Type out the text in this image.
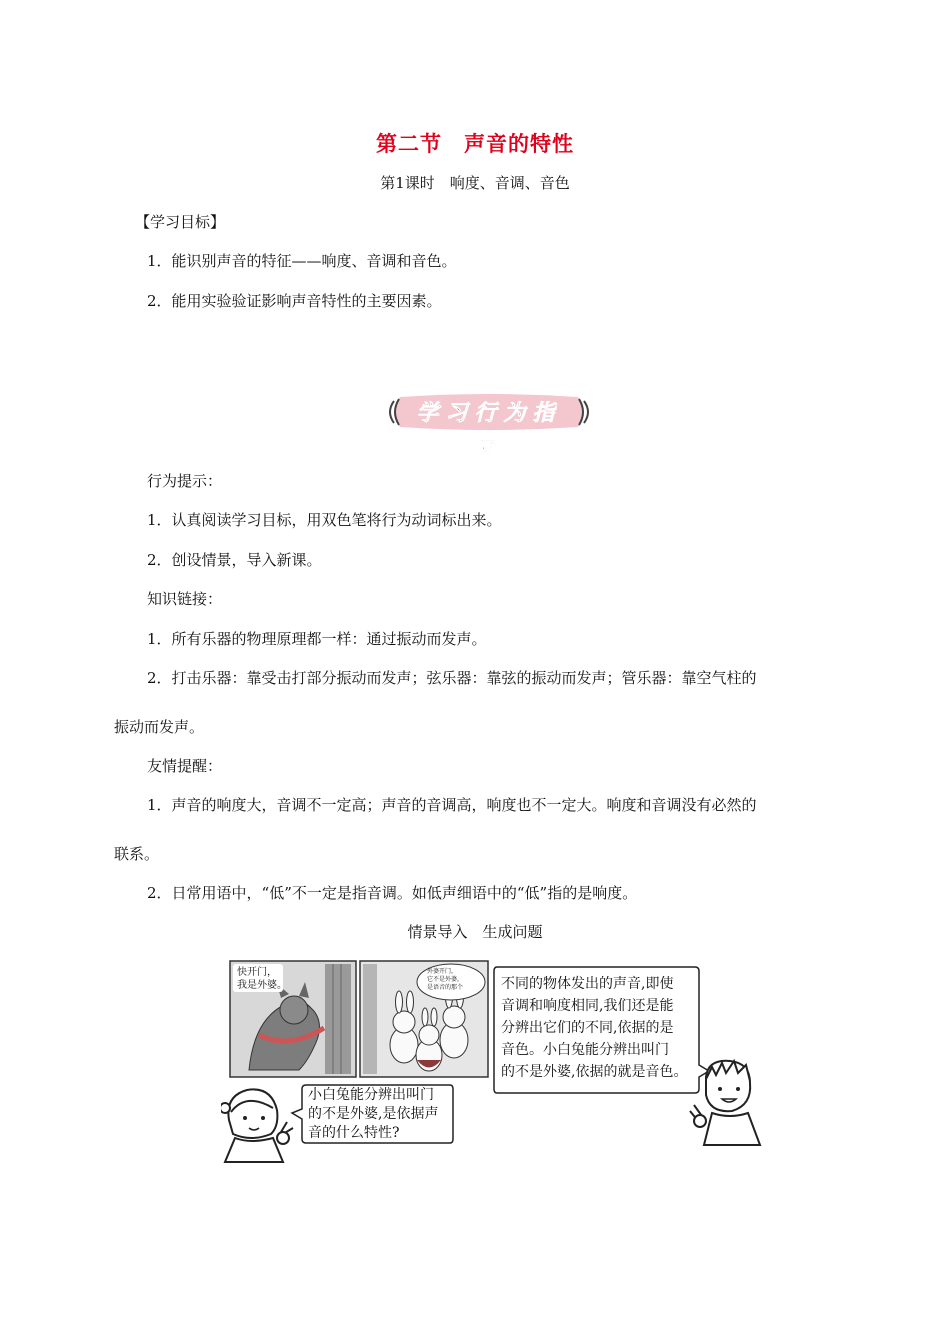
第二节　声音的特性
第1课时　响度、音调、音色
【学习目标】
1．能识别声音的特征——响度、音调和音色。
2．能用实验验证影响声音特性的主要因素。
学习行为指导
行为提示：
1．认真阅读学习目标，用双色笔将行为动词标出来。
2．创设情景，导入新课。
知识链接：
1．所有乐器的物理原理都一样：通过振动而发声。
2．打击乐器：靠受击打部分振动而发声；弦乐器：靠弦的振动而发声；管乐器：靠空气柱的
振动而发声。
友情提醒：
1．声音的响度大，音调不一定高；声音的音调高，响度也不一定大。响度和音调没有必然的
联系。
2．日常用语中，“低”不一定是指音调。如低声细语中的“低”指的是响度。
情景导入　生成问题
快开门，
我是外婆。
外婆开门，
它不是外婆，
是语音的那个
小白兔能分辨出叫门
的不是外婆,是依据声
音的什么特性?
不同的物体发出的声音,即使
音调和响度相同,我们还是能
分辨出它们的不同,依据的是
音色。小白兔能分辨出叫门
的不是外婆,依据的就是音色。
